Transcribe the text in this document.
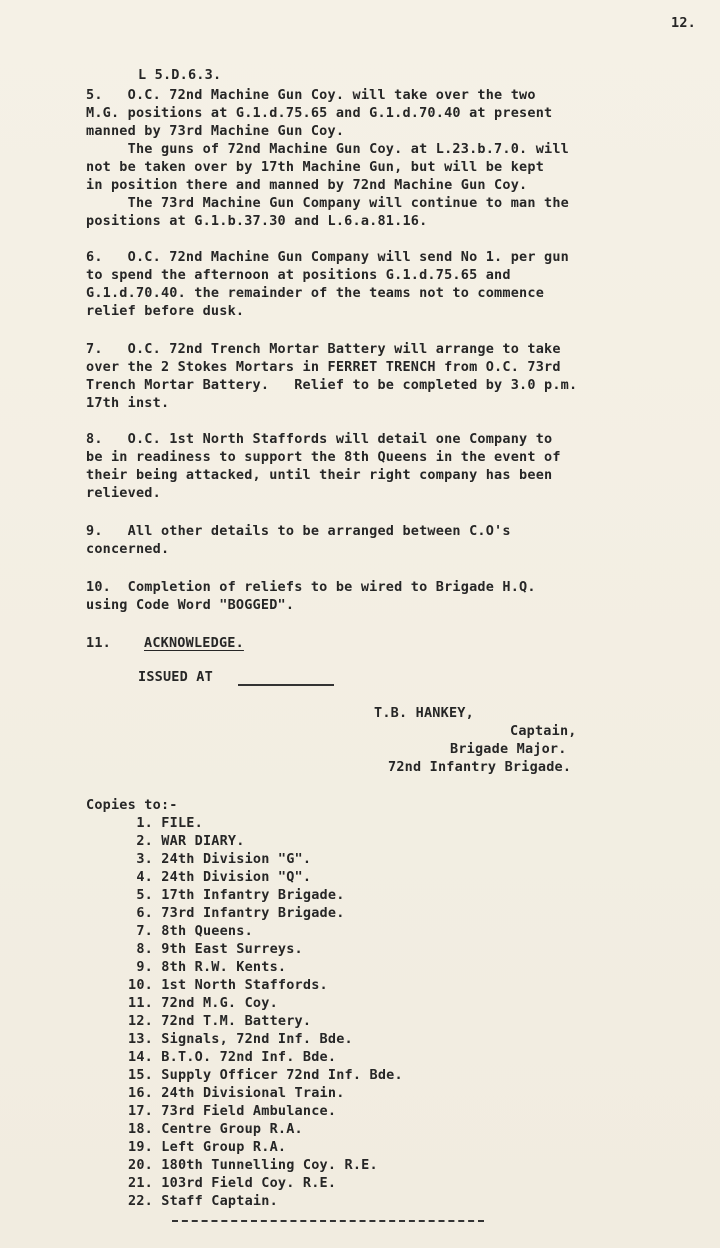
12.
L 5.D.6.3.
5.   O.C. 72nd Machine Gun Coy. will take over the two
M.G. positions at G.1.d.75.65 and G.1.d.70.40 at present
manned by 73rd Machine Gun Coy.
The guns of 72nd Machine Gun Coy. at L.23.b.7.0. will
not be taken over by 17th Machine Gun, but will be kept
in position there and manned by 72nd Machine Gun Coy.
The 73rd Machine Gun Company will continue to man the
positions at G.1.b.37.30 and L.6.a.81.16.
6.   O.C. 72nd Machine Gun Company will send No 1. per gun
to spend the afternoon at positions G.1.d.75.65 and
G.1.d.70.40. the remainder of the teams not to commence
relief before dusk.
7.   O.C. 72nd Trench Mortar Battery will arrange to take
over the 2 Stokes Mortars in FERRET TRENCH from O.C. 73rd
Trench Mortar Battery.   Relief to be completed by 3.0 p.m.
17th inst.
8.   O.C. 1st North Staffords will detail one Company to
be in readiness to support the 8th Queens in the event of
their being attacked, until their right company has been
relieved.
9.   All other details to be arranged between C.O's
concerned.
10.  Completion of reliefs to be wired to Brigade H.Q.
using Code Word "BOGGED".
11. ACKNOWLEDGE.
ISSUED AT
T.B. HANKEY,
Captain,
Brigade Major.
72nd Infantry Brigade.
Copies to:-
1. FILE.
2. WAR DIARY.
3. 24th Division "G".
4. 24th Division "Q".
5. 17th Infantry Brigade.
6. 73rd Infantry Brigade.
7. 8th Queens.
8. 9th East Surreys.
9. 8th R.W. Kents.
10. 1st North Staffords.
11. 72nd M.G. Coy.
12. 72nd T.M. Battery.
13. Signals, 72nd Inf. Bde.
14. B.T.O. 72nd Inf. Bde.
15. Supply Officer 72nd Inf. Bde.
16. 24th Divisional Train.
17. 73rd Field Ambulance.
18. Centre Group R.A.
19. Left Group R.A.
20. 180th Tunnelling Coy. R.E.
21. 103rd Field Coy. R.E.
22. Staff Captain.
